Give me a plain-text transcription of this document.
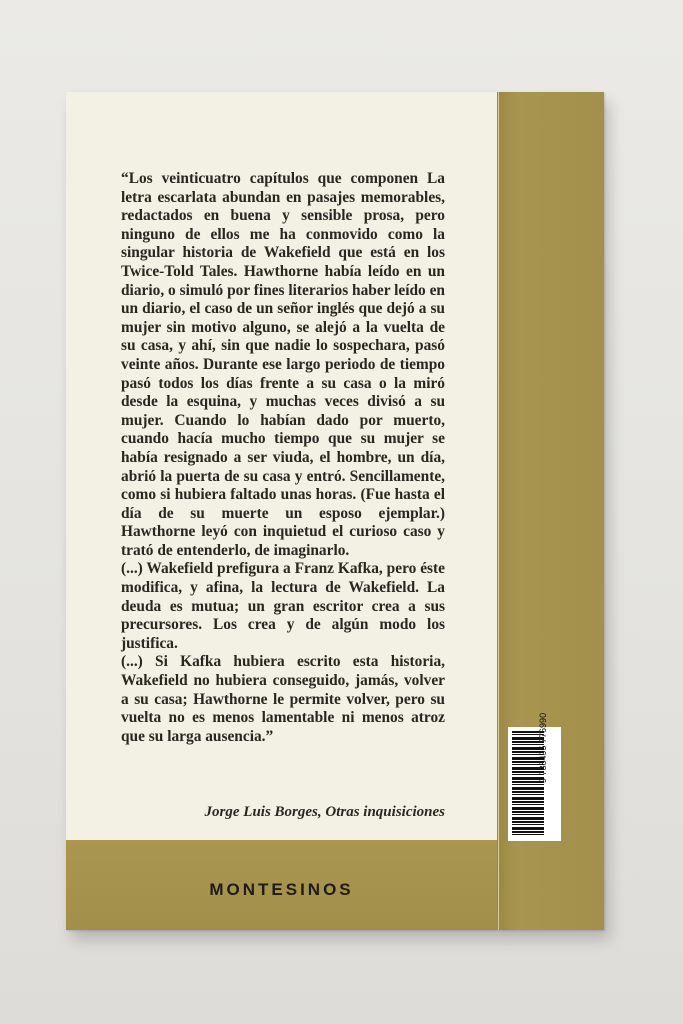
“Los veinticuatro capítulos que componen La letra escarlata abundan en pasajes memorables, redactados en buena y sensible prosa, pero ninguno de ellos me ha conmovido como la singular historia de Wakefield que está en los Twice-Told Tales. Hawthorne había leído en un diario, o simuló por fines literarios haber leído en un diario, el caso de un señor inglés que dejó a su mujer sin motivo alguno, se alejó a la vuelta de su casa, y ahí, sin que nadie lo sospechara, pasó veinte años. Durante ese largo periodo de tiempo pasó todos los días frente a su casa o la miró desde la esquina, y muchas veces divisó a su mujer. Cuando lo habían dado por muerto, cuando hacía mucho tiempo que su mujer se había resignado a ser viuda, el hombre, un día, abrió la puerta de su casa y entró. Sencillamente, como si hubiera faltado unas horas. (Fue hasta el día de su muerte un esposo ejemplar.) Hawthorne leyó con inquietud el curioso caso y trató de entenderlo, de imaginarlo.

(...) Wakefield prefigura a Franz Kafka, pero éste modifica, y afina, la lectura de Wakefield. La deuda es mutua; un gran escritor crea a sus precursores. Los crea y de algún modo los justifica.

(...) Si Kafka hubiera escrito esta historia, Wakefield no hubiera conseguido, jamás, volver a su casa; Hawthorne le permite volver, pero su vuelta no es menos lamentable ni menos atroz que su larga ausencia.”

Jorge Luis Borges, Otras inquisiciones
MONTESINOS
9 788495 776990
